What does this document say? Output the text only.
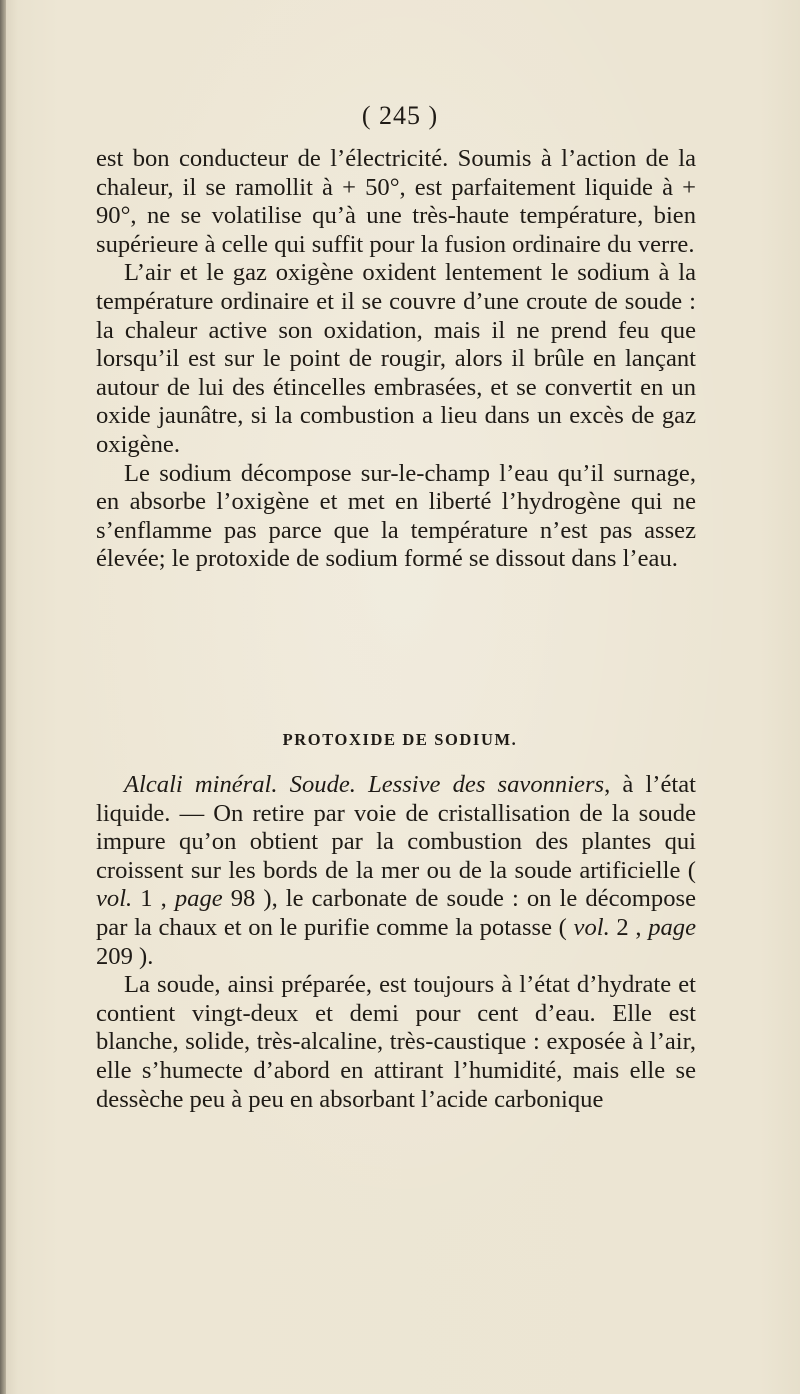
( 245 )

est bon conducteur de l’électricité. Soumis à l’action de la chaleur, il se ramollit à + 50°, est parfaitement liquide à + 90°, ne se volatilise qu’à une très-haute température, bien supérieure à celle qui suffit pour la fusion ordinaire du verre.

L’air et le gaz oxigène oxident lentement le sodium à la température ordinaire et il se couvre d’une croute de soude : la chaleur active son oxidation, mais il ne prend feu que lorsqu’il est sur le point de rougir, alors il brûle en lançant autour de lui des étincelles embrasées, et se convertit en un oxide jaunâtre, si la combustion a lieu dans un excès de gaz oxigène.

Le sodium décompose sur-le-champ l’eau qu’il surnage, en absorbe l’oxigène et met en liberté l’hydrogène qui ne s’enflamme pas parce que la température n’est pas assez élevée; le protoxide de sodium formé se dissout dans l’eau.

PROTOXIDE DE SODIUM.

Alcali minéral. Soude. Lessive des savonniers, à l’état liquide. — On retire par voie de cristallisation de la soude impure qu’on obtient par la combustion des plantes qui croissent sur les bords de la mer ou de la soude artificielle ( vol. 1 , page 98 ), le carbonate de soude : on le décompose par la chaux et on le purifie comme la potasse ( vol. 2 , page 209 ).

La soude, ainsi préparée, est toujours à l’état d’hydrate et contient vingt-deux et demi pour cent d’eau. Elle est blanche, solide, très-alcaline, très-caustique : exposée à l’air, elle s’humecte d’abord en attirant l’humidité, mais elle se dessèche peu à peu en absorbant l’acide carbonique
